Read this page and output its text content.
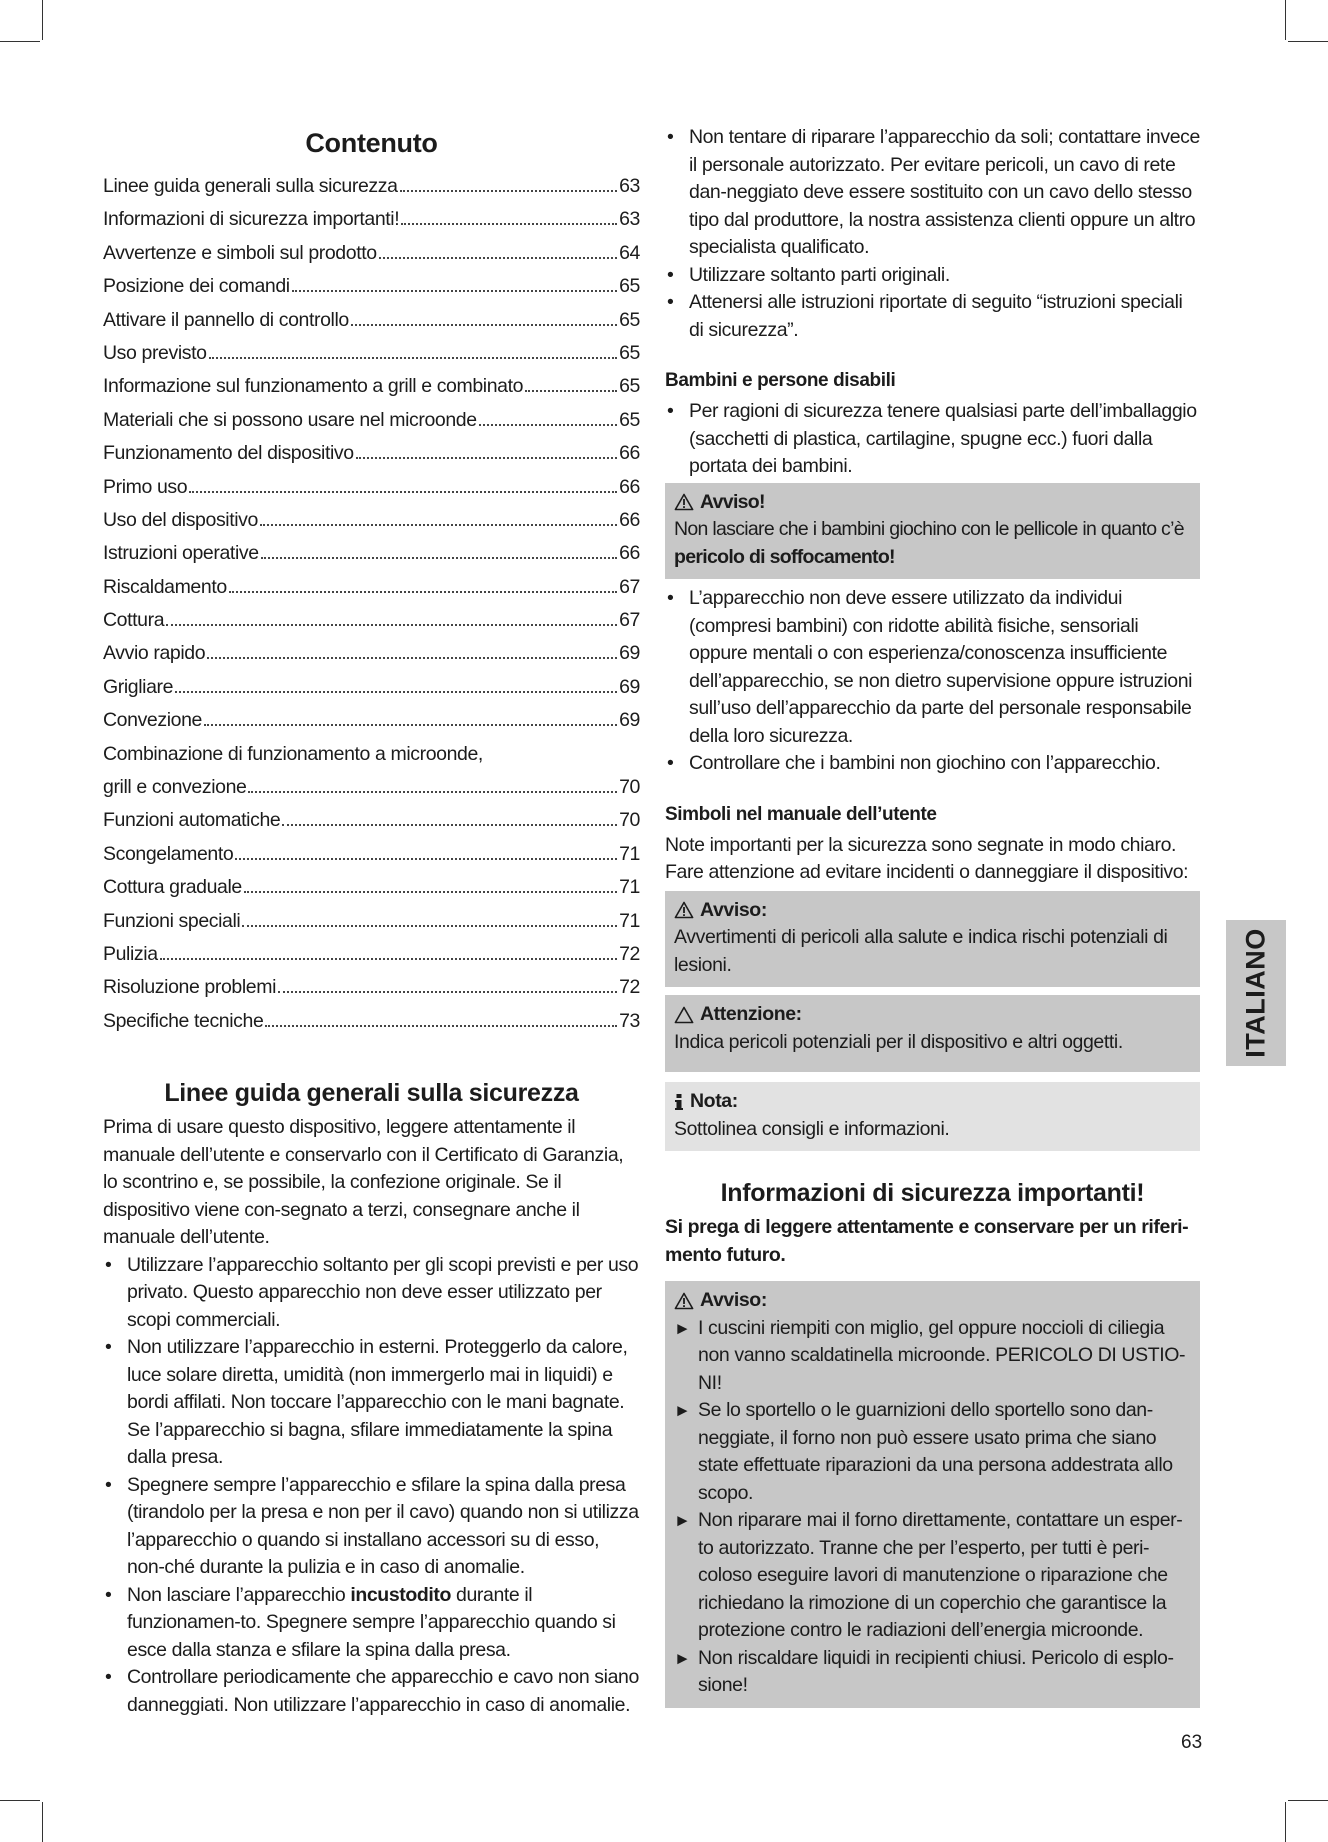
Contenuto
Linee guida generali sulla sicurezza	63
Informazioni di sicurezza importanti!	63
Avvertenze e simboli sul prodotto	64
Posizione dei comandi	65
Attivare il pannello di controllo	65
Uso previsto	65
Informazione sul funzionamento a grill e combinato	65
Materiali che si possono usare nel microonde	65
Funzionamento del dispositivo	66
Primo uso	66
Uso del dispositivo	66
Istruzioni operative	66
Riscaldamento	67
Cottura	67
Avvio rapido	69
Grigliare	69
Convezione	69
Combinazione di funzionamento a microonde,
grill e convezione	70
Funzioni automatiche	70
Scongelamento	71
Cottura graduale	71
Funzioni speciali	71
Pulizia	72
Risoluzione problemi	72
Specifiche tecniche	73
Linee guida generali sulla sicurezza

Prima di usare questo dispositivo, leggere attentamente il manuale dell’utente e conservarlo con il Certificato di Garanzia, lo scontrino e, se possibile, la confezione originale. Se il dispositivo viene con-segnato a terzi, consegnare anche il manuale dell’utente.

• Utilizzare l’apparecchio soltanto per gli scopi previsti e per uso privato. Questo apparecchio non deve esser utilizzato per scopi commerciali.
• Non utilizzare l’apparecchio in esterni. Proteggerlo da calore, luce solare diretta, umidità (non immergerlo mai in liquidi) e bordi affilati. Non toccare l’apparecchio con le mani bagnate. Se l’apparecchio si bagna, sfilare immediatamente la spina dalla presa.
• Spegnere sempre l’apparecchio e sfilare la spina dalla presa (tirandolo per la presa e non per il cavo) quando non si utilizza l’apparecchio o quando si installano accessori su di esso, non-ché durante la pulizia e in caso di anomalie.
• Non lasciare l’apparecchio incustodito durante il funzionamen-to. Spegnere sempre l’apparecchio quando si esce dalla stanza e sfilare la spina dalla presa.
• Controllare periodicamente che apparecchio e cavo non siano danneggiati. Non utilizzare l’apparecchio in caso di anomalie.
• Non tentare di riparare l’apparecchio da soli; contattare invece il personale autorizzato. Per evitare pericoli, un cavo di rete dan-neggiato deve essere sostituito con un cavo dello stesso tipo dal produttore, la nostra assistenza clienti oppure un altro specialista qualificato.
• Utilizzare soltanto parti originali.
• Attenersi alle istruzioni riportate di seguito “istruzioni speciali di sicurezza”.
Bambini e persone disabili
• Per ragioni di sicurezza tenere qualsiasi parte dell’imballaggio (sacchetti di plastica, cartilagine, spugne ecc.) fuori dalla portata dei bambini.
Avviso!
Non lasciare che i bambini giochino con le pellicole in quanto c’è
pericolo di soffocamento!
• L’apparecchio non deve essere utilizzato da individui (compresi bambini) con ridotte abilità fisiche, sensoriali oppure mentali o con esperienza/conoscenza insufficiente dell’apparecchio, se non dietro supervisione oppure istruzioni sull’uso dell’apparecchio da parte del personale responsabile della loro sicurezza.
• Controllare che i bambini non giochino con l’apparecchio.
Simboli nel manuale dell’utente

Note importanti per la sicurezza sono segnate in modo chiaro. Fare attenzione ad evitare incidenti o danneggiare il dispositivo:

Avviso:
Avvertimenti di pericoli alla salute e indica rischi potenziali di lesioni.
Attenzione:
Indica pericoli potenziali per il dispositivo e altri oggetti.
Nota:
Sottolinea consigli e informazioni.
Informazioni di sicurezza importanti!

Si prega di leggere attentamente e conservare per un riferi-mento futuro.

Avviso:
► I cuscini riempiti con miglio, gel oppure noccioli di ciliegia non vanno scaldatinella microonde. PERICOLO DI USTIO-NI!
► Se lo sportello o le guarnizioni dello sportello sono dan-neggiate, il forno non può essere usato prima che siano state effettuate riparazioni da una persona addestrata allo scopo.
► Non riparare mai il forno direttamente, contattare un esper-to autorizzato. Tranne che per l’esperto, per tutti è peri-coloso eseguire lavori di manutenzione o riparazione che richiedano la rimozione di un coperchio che garantisce la protezione contro le radiazioni dell’energia microonde.
► Non riscaldare liquidi in recipienti chiusi. Pericolo di esplo-sione!
ITALIANO
63
